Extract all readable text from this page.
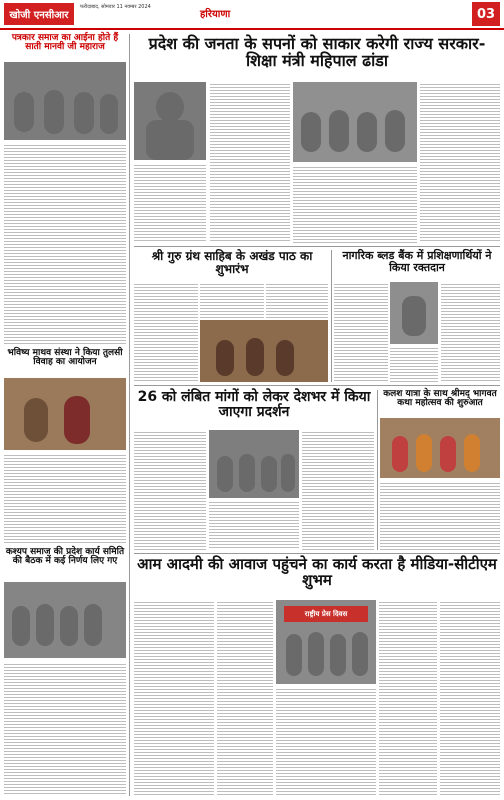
खोजी एनसीआर
फरीदाबाद, सोमवार 11 नवम्बर 2024
हरियाणा	03
पत्रकार समाज का आईना होते हैं साती मानवी जी महाराज
भविष्य माथव संस्था ने किया तुलसी विवाह का आयोजन
कश्यप समाज की प्रदेश कार्य समिति की बैठक में कई निर्णय लिए गए
प्रदेश की जनता के सपनों को साकार करेगी राज्य सरकार-शिक्षा मंत्री महिपाल ढांडा
श्री गुरु ग्रंथ साहिब के अखंड पाठ का शुभारंभ
नागरिक ब्लड बैंक में प्रशिक्षणार्थियों ने किया रक्तदान
26 को लंबित मांगों को लेकर देशभर में किया जाएगा प्रदर्शन
कलश यात्रा के साथ श्रीमद् भागवत कथा महोत्सव की शुरुआत
आम आदमी की आवाज पहुंचने का कार्य करता है मीडिया-सीटीएम शुभम
राष्ट्रीय प्रेस दिवस
